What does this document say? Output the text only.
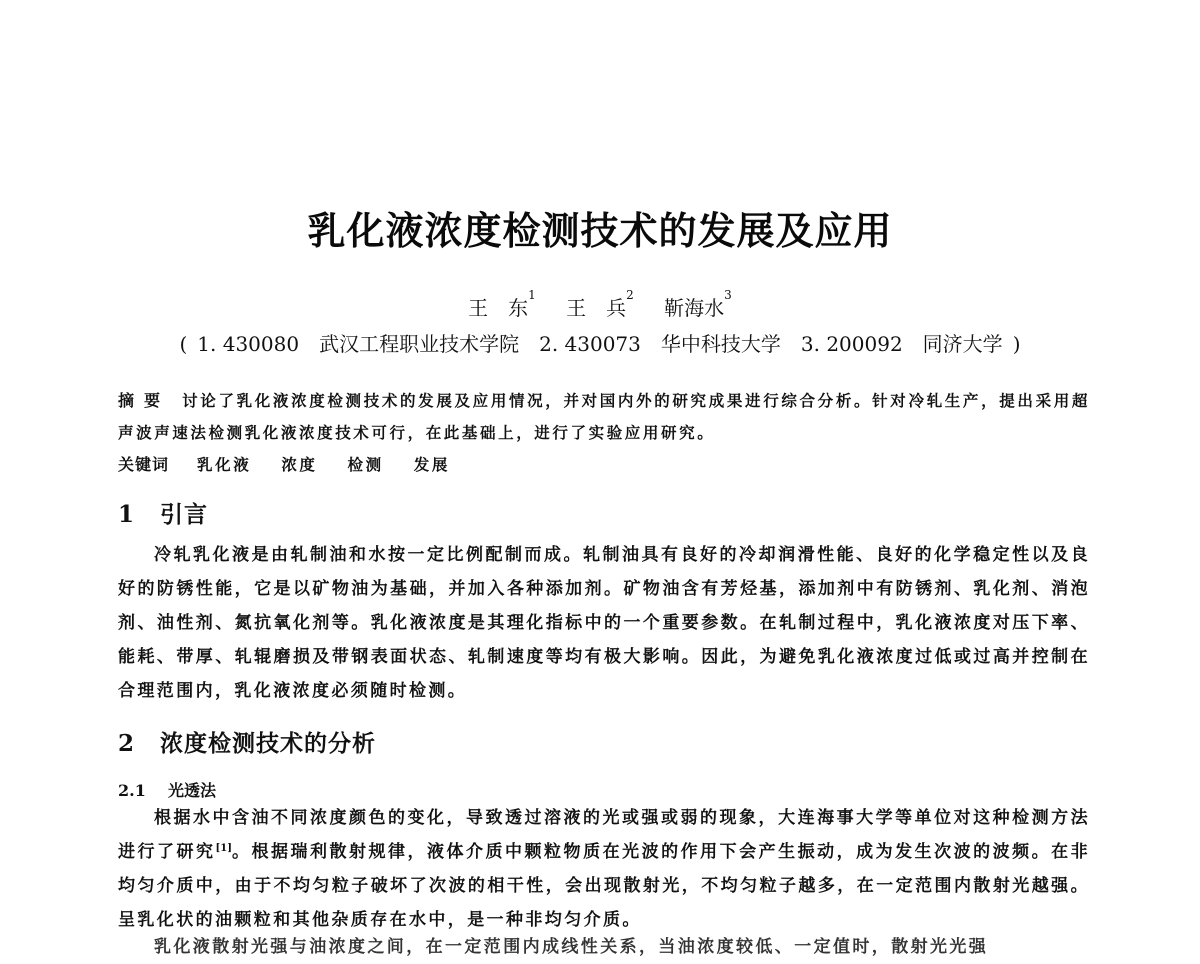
乳化液浓度检测技术的发展及应用
王　东$^1$ 王　兵$^2$ 靳海水$^3$
( 1. 430080　武汉工程职业技术学院 2. 430073　华中科技大学 3. 200092　同济大学 )
摘要 讨论了乳化液浓度检测技术的发展及应用情况，并对国内外的研究成果进行综合分析。针对冷轧生产，提出采用超声波声速法检测乳化液浓度技术可行，在此基础上，进行了实验应用研究。
关键词 乳化液 浓度 检测 发展
1 引言
冷轧乳化液是由轧制油和水按一定比例配制而成。轧制油具有良好的冷却润滑性能、良好的化学稳定性以及良好的防锈性能，它是以矿物油为基础，并加入各种添加剂。矿物油含有芳烃基，添加剂中有防锈剂、乳化剂、消泡剂、油性剂、氮抗氧化剂等。乳化液浓度是其理化指标中的一个重要参数。在轧制过程中，乳化液浓度对压下率、能耗、带厚、轧辊磨损及带钢表面状态、轧制速度等均有极大影响。因此，为避免乳化液浓度过低或过高并控制在合理范围内，乳化液浓度必须随时检测。
2 浓度检测技术的分析
2.1 光透法
根据水中含油不同浓度颜色的变化，导致透过溶液的光或强或弱的现象，大连海事大学等单位对这种检测方法进行了研究[1]。根据瑞利散射规律，液体介质中颗粒物质在光波的作用下会产生振动，成为发生次波的波频。在非均匀介质中，由于不均匀粒子破坏了次波的相干性，会出现散射光，不均匀粒子越多，在一定范围内散射光越强。呈乳化状的油颗粒和其他杂质存在水中，是一种非均匀介质。
乳化液散射光强与油浓度之间，在一定范围内成线性关系，当油浓度较低、一定值时，散射光光强
